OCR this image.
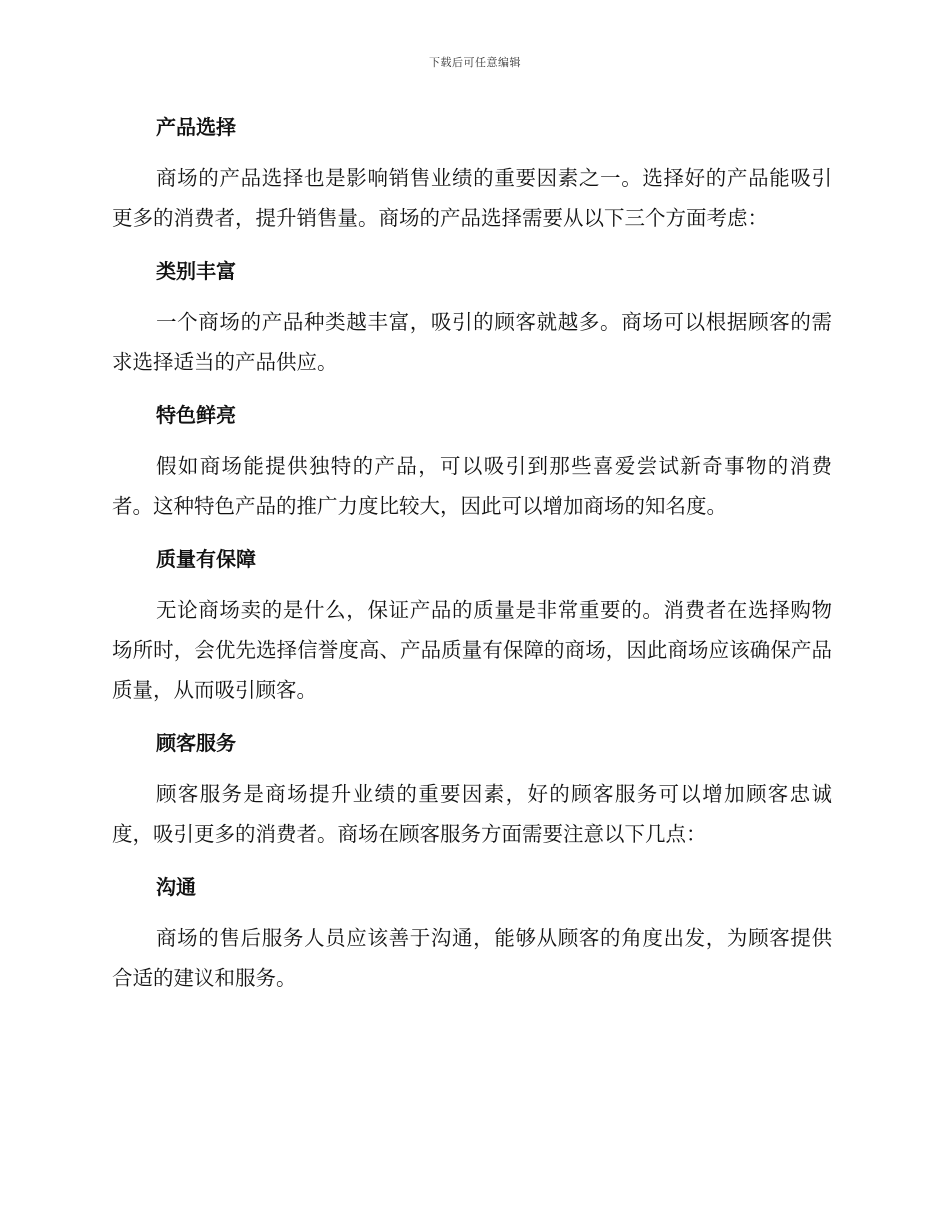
下载后可任意编辑
产品选择

商场的产品选择也是影响销售业绩的重要因素之一。选择好的产品能吸引更多的消费者，提升销售量。商场的产品选择需要从以下三个方面考虑：

类别丰富

一个商场的产品种类越丰富，吸引的顾客就越多。商场可以根据顾客的需求选择适当的产品供应。

特色鲜亮

假如商场能提供独特的产品，可以吸引到那些喜爱尝试新奇事物的消费者。这种特色产品的推广力度比较大，因此可以增加商场的知名度。

质量有保障

无论商场卖的是什么，保证产品的质量是非常重要的。消费者在选择购物场所时，会优先选择信誉度高、产品质量有保障的商场，因此商场应该确保产品质量，从而吸引顾客。

顾客服务

顾客服务是商场提升业绩的重要因素，好的顾客服务可以增加顾客忠诚度，吸引更多的消费者。商场在顾客服务方面需要注意以下几点：

沟通

商场的售后服务人员应该善于沟通，能够从顾客的角度出发，为顾客提供合适的建议和服务。
